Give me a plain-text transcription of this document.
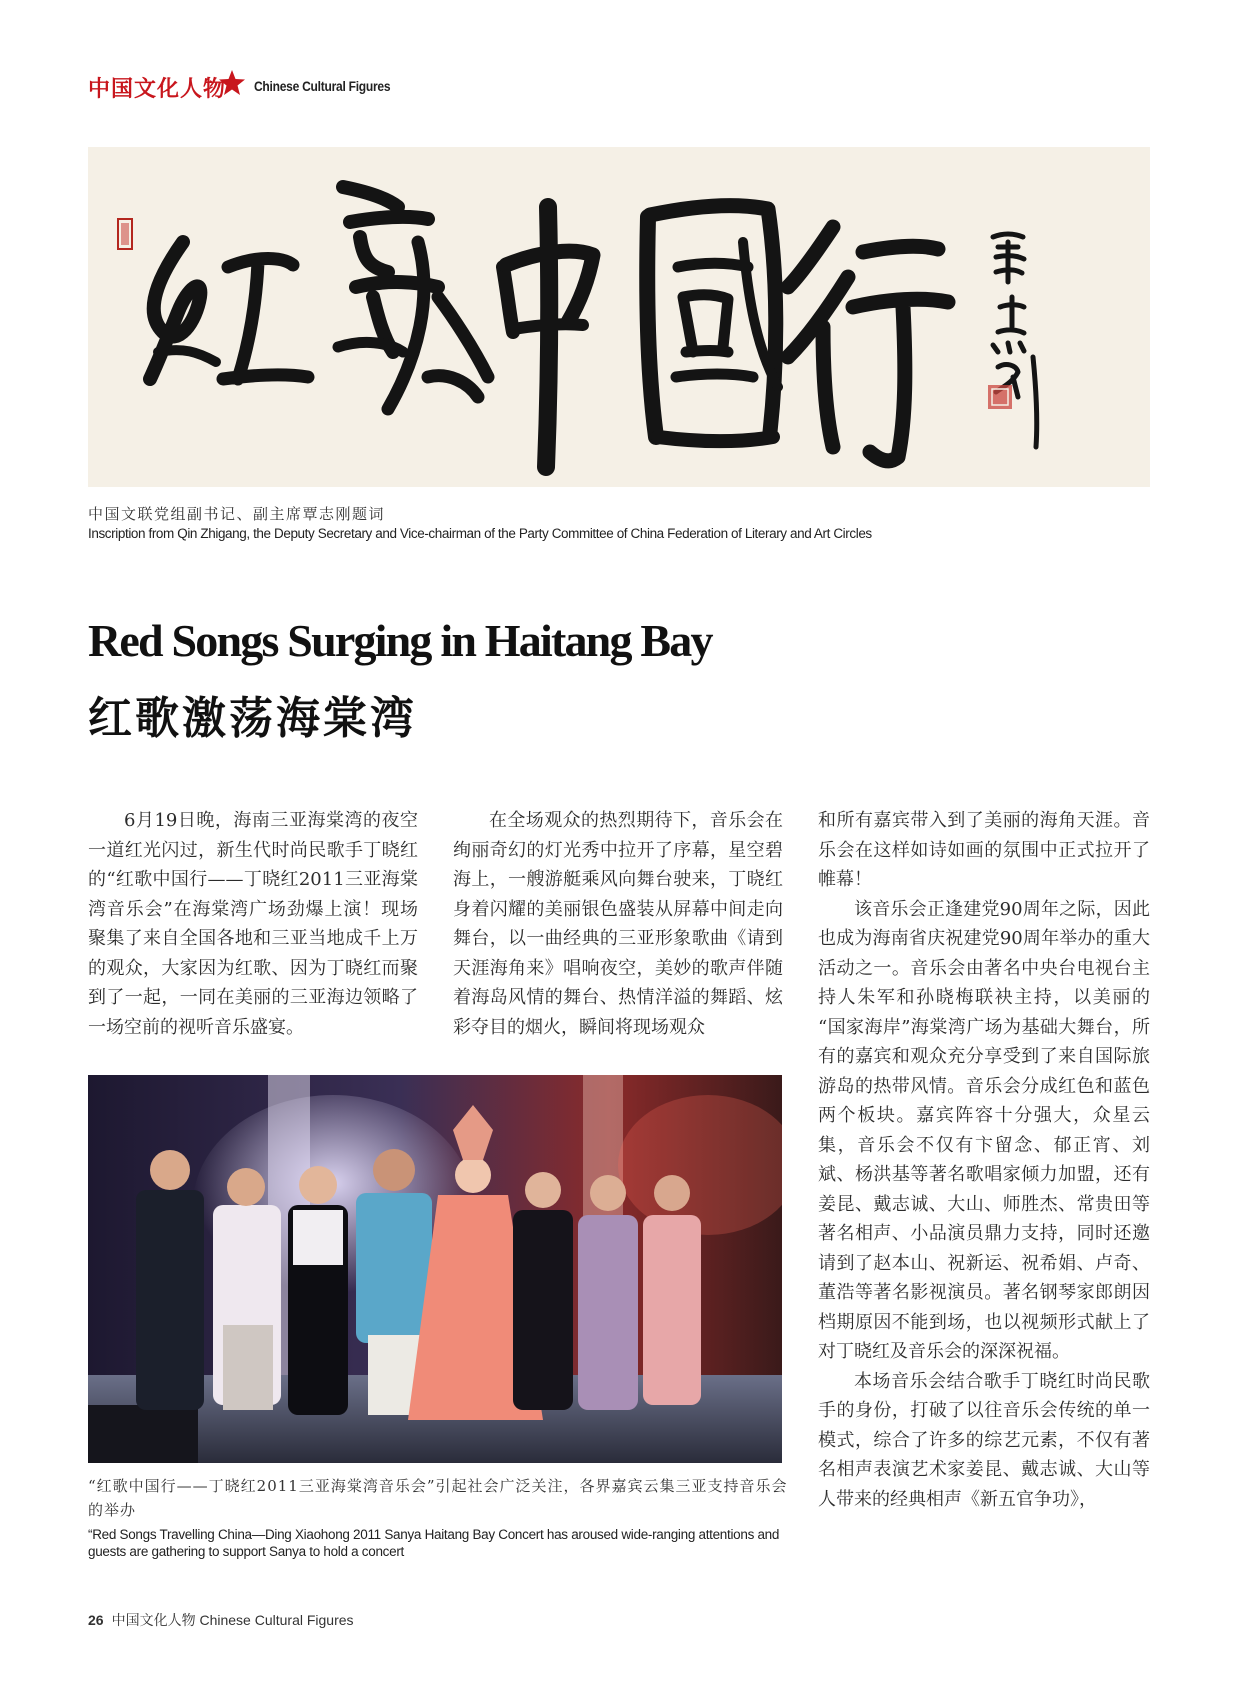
中国文化人物 Chinese Cultural Figures
中国文联党组副书记、副主席覃志刚题词
Inscription from Qin Zhigang, the Deputy Secretary and Vice-chairman of the Party Committee of China Federation of Literary and Art Circles
Red Songs Surging in Haitang Bay
红歌激荡海棠湾

6月19日晚，海南三亚海棠湾的夜空一道红光闪过，新生代时尚民歌手丁晓红的“红歌中国行——丁晓红2011三亚海棠湾音乐会”在海棠湾广场劲爆上演！现场聚集了来自全国各地和三亚当地成千上万的观众，大家因为红歌、因为丁晓红而聚到了一起，一同在美丽的三亚海边领略了一场空前的视听音乐盛宴。

在全场观众的热烈期待下，音乐会在绚丽奇幻的灯光秀中拉开了序幕，星空碧海上，一艘游艇乘风向舞台驶来，丁晓红身着闪耀的美丽银色盛装从屏幕中间走向舞台，以一曲经典的三亚形象歌曲《请到天涯海角来》唱响夜空，美妙的歌声伴随着海岛风情的舞台、热情洋溢的舞蹈、炫彩夺目的烟火，瞬间将现场观众

和所有嘉宾带入到了美丽的海角天涯。音乐会在这样如诗如画的氛围中正式拉开了帷幕！

该音乐会正逢建党90周年之际，因此也成为海南省庆祝建党90周年举办的重大活动之一。音乐会由著名中央台电视台主持人朱军和孙晓梅联袂主持，以美丽的 “国家海岸”海棠湾广场为基础大舞台，所有的嘉宾和观众充分享受到了来自国际旅游岛的热带风情。音乐会分成红色和蓝色两个板块。嘉宾阵容十分强大，众星云集，音乐会不仅有卞留念、郁正宵、刘斌、杨洪基等著名歌唱家倾力加盟，还有姜昆、戴志诚、大山、师胜杰、常贵田等著名相声、小品演员鼎力支持，同时还邀请到了赵本山、祝新运、祝希娟、卢奇、董浩等著名影视演员。著名钢琴家郎朗因档期原因不能到场，也以视频形式献上了对丁晓红及音乐会的深深祝福。

本场音乐会结合歌手丁晓红时尚民歌手的身份，打破了以往音乐会传统的单一模式，综合了许多的综艺元素，不仅有著名相声表演艺术家姜昆、戴志诚、大山等人带来的经典相声《新五官争功》，

“红歌中国行——丁晓红2011三亚海棠湾音乐会”引起社会广泛关注，各界嘉宾云集三亚支持音乐会的举办
“Red Songs Travelling China—Ding Xiaohong 2011 Sanya Haitang Bay Concert has aroused wide-ranging attentions and guests are gathering to support Sanya to hold a concert
26 中国文化人物 Chinese Cultural Figures
